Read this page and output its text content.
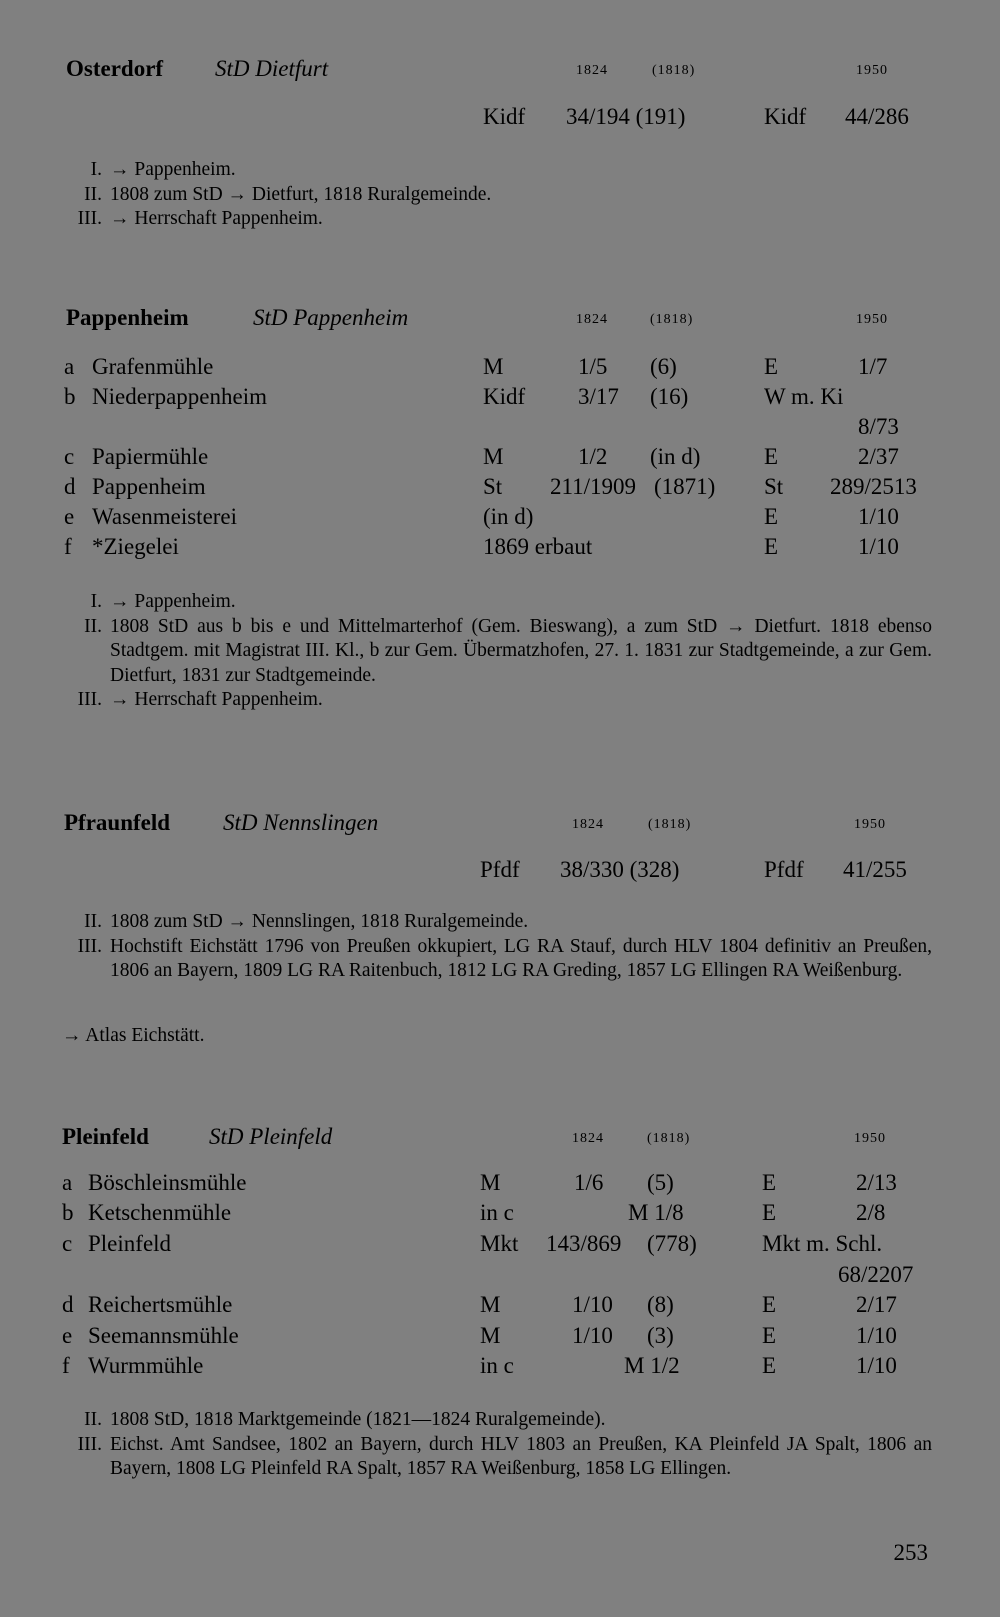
Osterdorf StD Dietfurt	1824	(1818)	1950
Kidf 34/194 (191)	Kidf 44/286
I. → Pappenheim.
II. 1808 zum StD → Dietfurt, 1818 Ruralgemeinde.
III. → Herrschaft Pappenheim.
Pappenheim	StD Pappenheim	1824	(1818)	1950
a Grafenmühle	M	1/5 (6)	E	1/7
b Niederpappenheim	Kidf 3/17 (16)	W m. Ki
8/73
c Papiermühle	M	1/2 (in d)	E	2/37
d Pappenheim	St 211/1909 (1871) St 289/2513
e Wasenmeisterei	(in d)	E	1/10
f *Ziegelei	1869 erbaut	E	1/10
I. → Pappenheim.
II. 1808 StD aus b bis e und Mittelmarterhof (Gem. Bieswang), a zum StD → Dietfurt. 1818 ebenso Stadtgem. mit Magistrat III. Kl., b zur Gem. Übermatzhofen, 27. 1. 1831 zur Stadtgemeinde, a zur Gem. Dietfurt, 1831 zur Stadtgemeinde.
III. → Herrschaft Pappenheim.
Pfraunfeld StD Nennslingen	1824	(1818)	1950
Pfdf 38/330 (328)	Pfdf 41/255
II. 1808 zum StD → Nennslingen, 1818 Ruralgemeinde.
III. Hochstift Eichstätt 1796 von Preußen okkupiert, LG RA Stauf, durch HLV 1804 definitiv an Preußen, 1806 an Bayern, 1809 LG RA Raitenbuch, 1812 LG RA Greding, 1857 LG Ellingen RA Weißenburg.
→ Atlas Eichstätt.
Pleinfeld	StD Pleinfeld	1824	(1818)	1950
a Böschleinsmühle	M	1/6 (5)	E	2/13
b Ketschenmühle	in c	M 1/8	E	2/8
c Pleinfeld	Mkt 143/869 (778)	Mkt m. Schl.
68/2207
d Reichertsmühle	M	1/10 (8)	E	2/17
e Seemannsmühle	M	1/10 (3)	E	1/10
f Wurmmühle	in c	M 1/2	E	1/10
II. 1808 StD, 1818 Marktgemeinde (1821—1824 Ruralgemeinde).
III. Eichst. Amt Sandsee, 1802 an Bayern, durch HLV 1803 an Preußen, KA Pleinfeld JA Spalt, 1806 an Bayern, 1808 LG Pleinfeld RA Spalt, 1857 RA Weißenburg, 1858 LG Ellingen.
253
